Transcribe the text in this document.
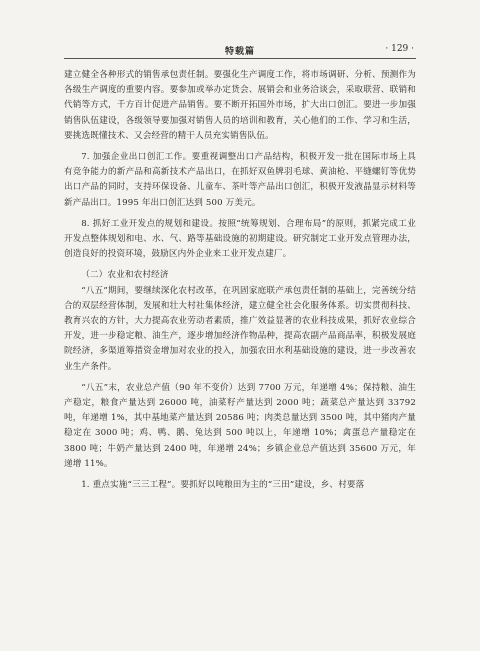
特载篇	· 129 ·

建立健全各种形式的销售承包责任制。要强化生产调度工作，将市场调研、分析、预测作为各级生产调度的重要内容。要参加或举办定货会、展销会和业务洽谈会，采取联营、联销和代销等方式，千方百计促进产品销售。要不断开拓国外市场，扩大出口创汇。要进一步加强销售队伍建设，各级领导要加强对销售人员的培训和教育，关心他们的工作、学习和生活，要挑选既懂技术、又会经营的精干人员充实销售队伍。

7. 加强企业出口创汇工作。要重视调整出口产品结构，积极开发一批在国际市场上具有竞争能力的新产品和高新技术产品出口，在抓好双鱼牌羽毛球、黄油枪、平缝螺钉等优势出口产品的同时，支持环保设备、儿童车、茶叶等产品出口创汇，积极开发液晶显示材料等新产品出口。1995 年出口创汇达到 500 万美元。

8. 抓好工业开发点的规划和建设。按照“统筹规划、合理布局”的原则，抓紧完成工业开发点整体规划和电、水、气、路等基础设施的初期建设。研究制定工业开发点管理办法，创造良好的投资环境，鼓励区内外企业来工业开发点建厂。

（二）农业和农村经济

“八五”期间，要继续深化农村改革，在巩固家庭联产承包责任制的基础上，完善统分结合的双层经营体制，发展和壮大村社集体经济，建立健全社会化服务体系。切实贯彻科技、教育兴农的方针，大力提高农业劳动者素质，推广效益显著的农业科技成果，抓好农业综合开发，进一步稳定粮、油生产，逐步增加经济作物品种，提高农副产品商品率，积极发展庭院经济，多渠道筹措资金增加对农业的投入，加强农田水利基础设施的建设，进一步改善农业生产条件。

“八五”末，农业总产值（90 年不变价）达到 7700 万元，年递增 4%；保持粮、油生产稳定，粮食产量达到 26000 吨，油菜籽产量达到 2000 吨；蔬菜总产量达到 33792 吨，年递增 1%，其中基地菜产量达到 20586 吨；肉类总量达到 3500 吨，其中猪肉产量稳定在 3000 吨；鸡、鸭、鹅、兔达到 500 吨以上，年递增 10%；禽蛋总产量稳定在 3800 吨；牛奶产量达到 2400 吨，年递增 24%；乡镇企业总产值达到 35600 万元，年递增 11%。

1. 重点实施“三三工程”。要抓好以吨粮田为主的“三田”建设，乡、村要落
